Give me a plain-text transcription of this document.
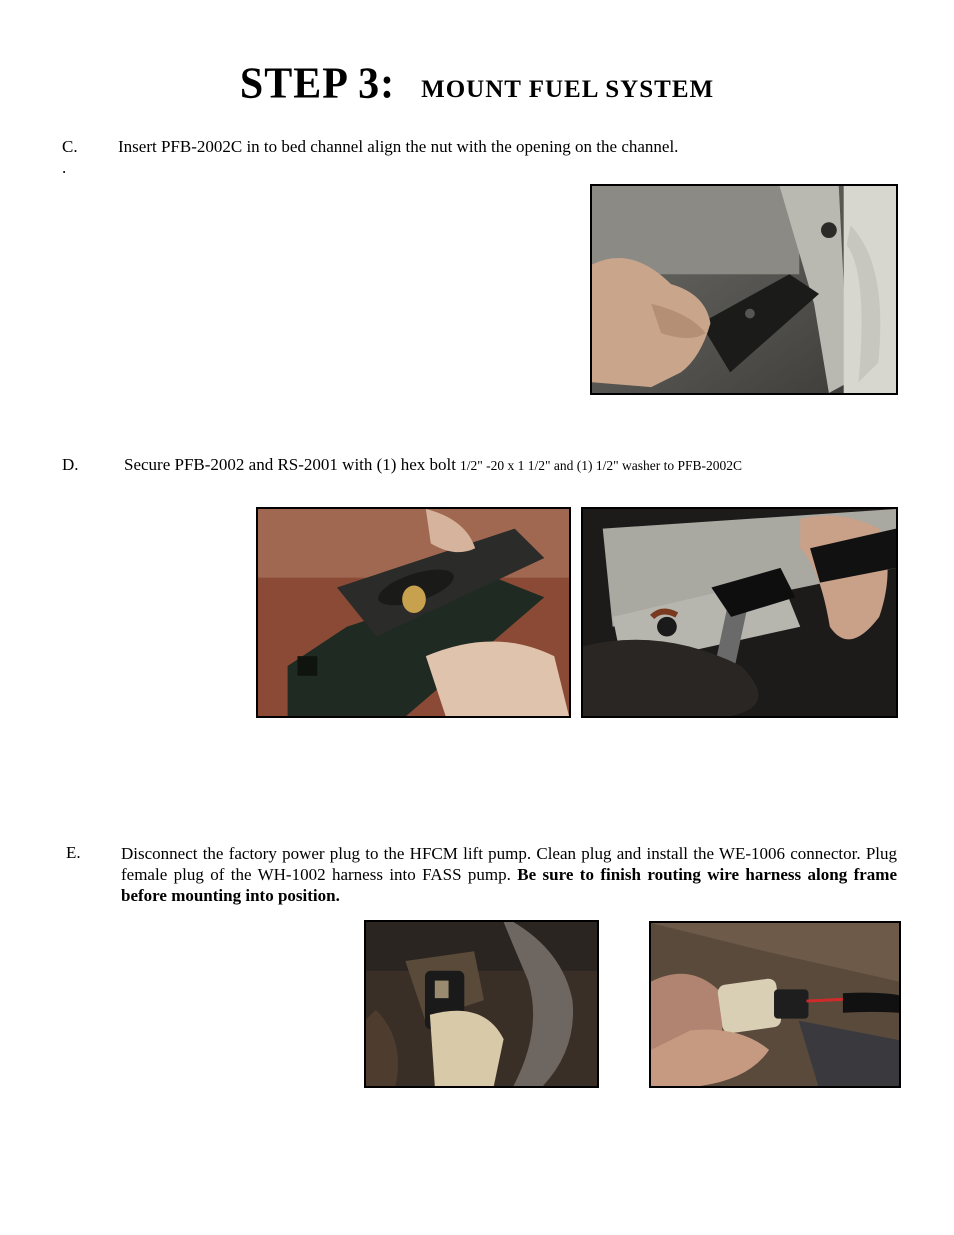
STEP 3: MOUNT FUEL SYSTEM
C. Insert PFB-2002C in to bed channel align the nut with the opening on the channel.
.
D.	Secure PFB-2002 and RS-2001 with (1) hex bolt 1/2" -20 x 1 1/2" and (1) 1/2" washer to PFB-2002C
E. Disconnect the factory power plug to the HFCM lift pump. Clean plug and install the WE-1006 connector. Plug female plug of the WH-1002 harness into FASS pump. Be sure to finish routing wire harness along frame before mounting into position.
